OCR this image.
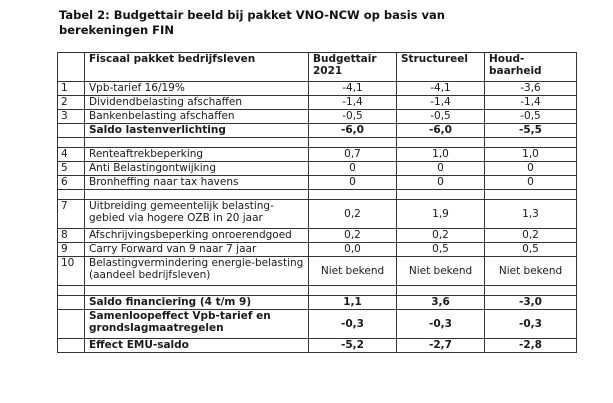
Tabel 2: Budgettair beeld bij pakket VNO-NCW op basis van
berekeningen FIN
	Fiscaal pakket bedrijfsleven	Budgettair 2021	Structureel	Houd-baarheid
1	Vpb-tarief 16/19%	-4,1	-4,1	-3,6
2	Dividendbelasting afschaffen	-1,4	-1,4	-1,4
3	Bankenbelasting afschaffen	-0,5	-0,5	-0,5
	Saldo lastenverlichting	-6,0	-6,0	-5,5

4	Renteaftrekbeperking	0,7	1,0	1,0
5	Anti Belastingontwijking	0	0	0
6	Bronheffing naar tax havens	0	0	0

7	Uitbreiding gemeentelijk belasting-gebied via hogere OZB in 20 jaar	0,2	1,9	1,3
8	Afschrijvingsbeperking onroerendgoed	0,2	0,2	0,2
9	Carry Forward van 9 naar 7 jaar	0,0	0,5	0,5
10	Belastingvermindering energie-belasting (aandeel bedrijfsleven)	Niet bekend	Niet bekend	Niet bekend

	Saldo financiering (4 t/m 9)	1,1	3,6	-3,0
	Samenloopeffect Vpb-tarief en grondslagmaatregelen	-0,3	-0,3	-0,3
	Effect EMU-saldo	-5,2	-2,7	-2,8
